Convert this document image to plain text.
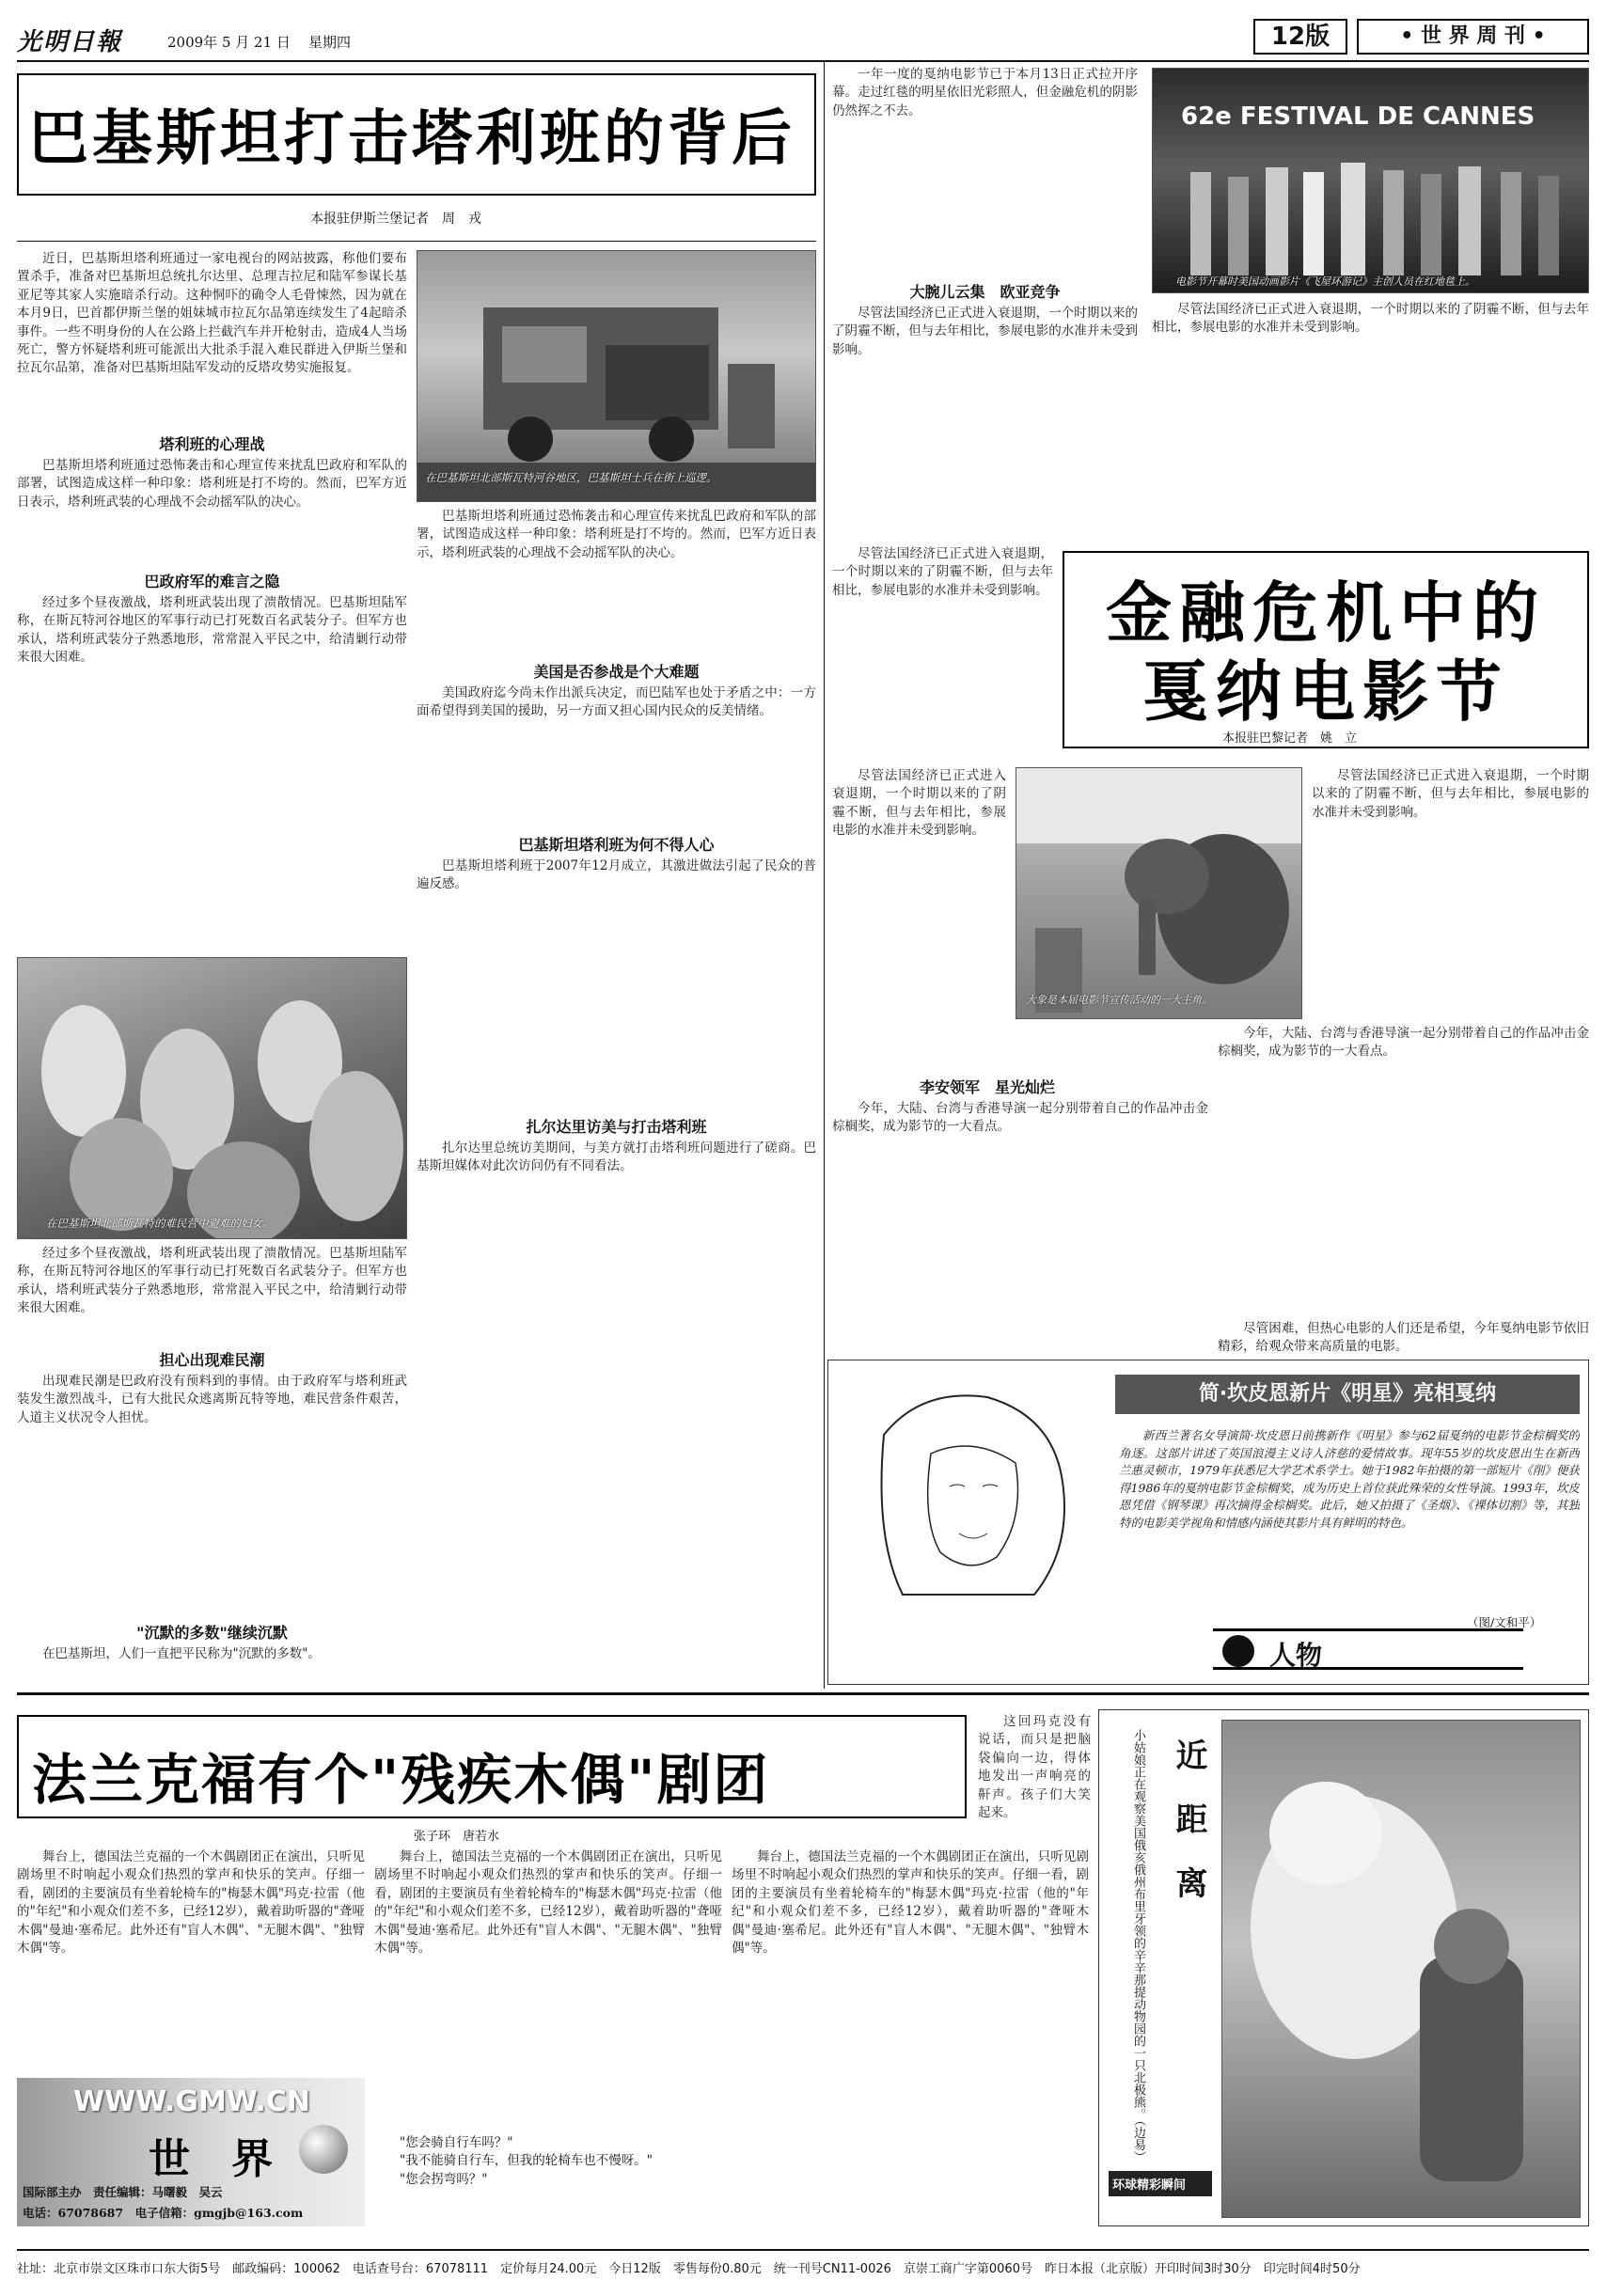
光明日報	2009年 5 月 21 日 星期四	12版	• 世 界 周 刊 •
巴基斯坦打击塔利班的背后
本报驻伊斯兰堡记者　周　戎

近日，巴基斯坦塔利班通过一家电视台的网站披露，称他们要布置杀手，准备对巴基斯坦总统扎尔达里、总理吉拉尼和陆军参谋长基亚尼等其家人实施暗杀行动。这种恫吓的确令人毛骨悚然，因为就在本月9日，巴首都伊斯兰堡的姐妹城市拉瓦尔品第连续发生了4起暗杀事件。一些不明身份的人在公路上拦截汽车并开枪射击，造成4人当场死亡，警方怀疑塔利班可能派出大批杀手混入难民群进入伊斯兰堡和拉瓦尔品第，准备对巴基斯坦陆军发动的反塔攻势实施报复。

在巴基斯坦北部斯瓦特河谷地区，巴基斯坦士兵在街上巡逻。
塔利班的心理战

巴基斯坦塔利班通过恐怖袭击和心理宣传来扰乱巴政府和军队的部署，试图造成这样一种印象：塔利班是打不垮的。然而，巴军方近日表示，塔利班武装的心理战不会动摇军队的决心。

巴政府军的难言之隐

经过多个昼夜激战，塔利班武装出现了溃散情况。巴基斯坦陆军称，在斯瓦特河谷地区的军事行动已打死数百名武装分子。但军方也承认，塔利班武装分子熟悉地形，常常混入平民之中，给清剿行动带来很大困难。

在巴基斯坦北部斯瓦特的难民营中避难的妇女。

经过多个昼夜激战，塔利班武装出现了溃散情况。巴基斯坦陆军称，在斯瓦特河谷地区的军事行动已打死数百名武装分子。但军方也承认，塔利班武装分子熟悉地形，常常混入平民之中，给清剿行动带来很大困难。

担心出现难民潮

出现难民潮是巴政府没有预料到的事情。由于政府军与塔利班武装发生激烈战斗，已有大批民众逃离斯瓦特等地，难民营条件艰苦，人道主义状况令人担忧。

"沉默的多数"继续沉默

在巴基斯坦，人们一直把平民称为"沉默的多数"。

巴基斯坦塔利班通过恐怖袭击和心理宣传来扰乱巴政府和军队的部署，试图造成这样一种印象：塔利班是打不垮的。然而，巴军方近日表示，塔利班武装的心理战不会动摇军队的决心。

美国是否参战是个大难题

美国政府迄今尚未作出派兵决定，而巴陆军也处于矛盾之中：一方面希望得到美国的援助，另一方面又担心国内民众的反美情绪。

巴基斯坦塔利班为何不得人心

巴基斯坦塔利班于2007年12月成立，其激进做法引起了民众的普遍反感。

扎尔达里访美与打击塔利班

扎尔达里总统访美期间，与美方就打击塔利班问题进行了磋商。巴基斯坦媒体对此次访问仍有不同看法。

一年一度的戛纳电影节已于本月13日正式拉开序幕。走过红毯的明星依旧光彩照人，但金融危机的阴影仍然挥之不去。	62e FESTIVAL DE CANNES
电影节开幕时美国动画影片《飞屋环游记》主创人员在红地毯上。
大腕儿云集　欧亚竞争

尽管法国经济已正式进入衰退期，一个时期以来的了阴霾不断，但与去年相比，参展电影的水准并未受到影响。

尽管法国经济已正式进入衰退期，一个时期以来的了阴霾不断，但与去年相比，参展电影的水准并未受到影响。

金融危机中的
戛纳电影节
本报驻巴黎记者　姚　立

尽管法国经济已正式进入衰退期，一个时期以来的了阴霾不断，但与去年相比，参展电影的水准并未受到影响。

大象是本届电影节宣传活动的一大主角。

尽管法国经济已正式进入衰退期，一个时期以来的了阴霾不断，但与去年相比，参展电影的水准并未受到影响。

尽管法国经济已正式进入衰退期，一个时期以来的了阴霾不断，但与去年相比，参展电影的水准并未受到影响。

李安领军　星光灿烂

今年，大陆、台湾与香港导演一起分别带着自己的作品冲击金棕榈奖，成为影节的一大看点。

今年，大陆、台湾与香港导演一起分别带着自己的作品冲击金棕榈奖，成为影节的一大看点。

尽管困难，但热心电影的人们还是希望，今年戛纳电影节依旧精彩，给观众带来高质量的电影。

简·坎皮恩新片《明星》亮相戛纳

新西兰著名女导演简·坎皮恩日前携新作《明星》参与62届戛纳的电影节金棕榈奖的角逐。这部片讲述了英国浪漫主义诗人济慈的爱情故事。现年55岁的坎皮恩出生在新西兰惠灵顿市，1979年获悉尼大学艺术系学士。她于1982年拍摄的第一部短片《削》便获得1986年的戛纳电影节金棕榈奖，成为历史上首位获此殊荣的女性导演。1993年，坎皮恩凭借《钢琴课》再次摘得金棕榈奖。此后，她又拍摄了《圣烟》、《裸体切割》等，其独特的电影美学视角和情感内涵使其影片具有鲜明的特色。

（图/文和平）
人物
法兰克福有个"残疾木偶"剧团
张子环　唐若水

这回玛克没有说话，而只是把脑袋偏向一边，得体地发出一声响亮的鼾声。孩子们大笑起来。

舞台上，德国法兰克福的一个木偶剧团正在演出，只听见剧场里不时响起小观众们热烈的掌声和快乐的笑声。仔细一看，剧团的主要演员有坐着轮椅车的"梅瑟木偶"玛克·拉雷（他的"年纪"和小观众们差不多，已经12岁），戴着助听器的"聋哑木偶"曼迪·塞希尼。此外还有"盲人木偶"、"无腿木偶"、"独臂木偶"等。

舞台上，德国法兰克福的一个木偶剧团正在演出，只听见剧场里不时响起小观众们热烈的掌声和快乐的笑声。仔细一看，剧团的主要演员有坐着轮椅车的"梅瑟木偶"玛克·拉雷（他的"年纪"和小观众们差不多，已经12岁），戴着助听器的"聋哑木偶"曼迪·塞希尼。此外还有"盲人木偶"、"无腿木偶"、"独臂木偶"等。

"您会骑自行车吗？"
"我不能骑自行车，但我的轮椅车也不慢呀。"
"您会拐弯吗？"

舞台上，德国法兰克福的一个木偶剧团正在演出，只听见剧场里不时响起小观众们热烈的掌声和快乐的笑声。仔细一看，剧团的主要演员有坐着轮椅车的"梅瑟木偶"玛克·拉雷（他的"年纪"和小观众们差不多，已经12岁），戴着助听器的"聋哑木偶"曼迪·塞希尼。此外还有"盲人木偶"、"无腿木偶"、"独臂木偶"等。

WWW.GMW.CN
世　界
国际部主办　责任编辑：马曙毅　吴云
电话：67078687　电子信箱：gmgjb@163.com
小姑娘正在观察美国俄亥俄州布里牙领的辛辛那提动物园的一只北极熊。（边易） 近　距　离
环球精彩瞬间
社址：北京市崇文区珠市口东大街5号　邮政编码：100062　电话查号台：67078111　定价每月24.00元　今日12版　零售每份0.80元　统一刊号CN11-0026　京崇工商广字第0060号　昨日本报（北京版）开印时间3时30分　印完时间4时50分
